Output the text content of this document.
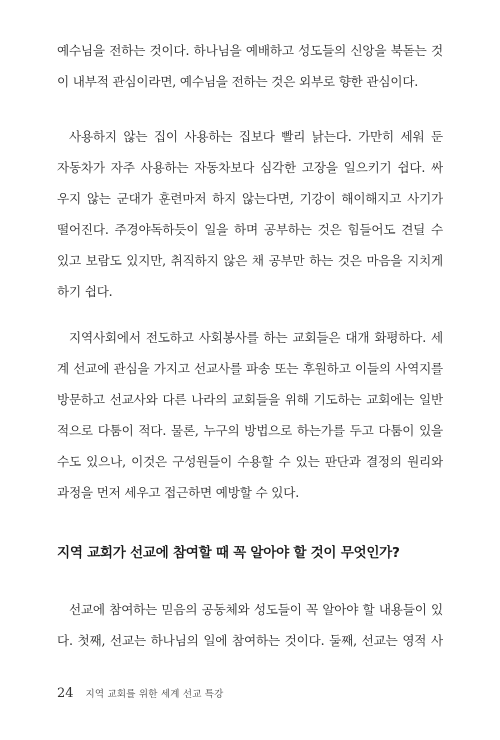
예수님을 전하는 것이다. 하나님을 예배하고 성도들의 신앙을 북돋는 것
이 내부적 관심이라면, 예수님을 전하는 것은 외부로 향한 관심이다.
사용하지 않는 집이 사용하는 집보다 빨리 낡는다. 가만히 세워 둔
자동차가 자주 사용하는 자동차보다 심각한 고장을 일으키기 쉽다. 싸
우지 않는 군대가 훈련마저 하지 않는다면, 기강이 해이해지고 사기가
떨어진다. 주경야독하듯이 일을 하며 공부하는 것은 힘들어도 견딜 수
있고 보람도 있지만, 취직하지 않은 채 공부만 하는 것은 마음을 지치게
하기 쉽다.
지역사회에서 전도하고 사회봉사를 하는 교회들은 대개 화평하다. 세
계 선교에 관심을 가지고 선교사를 파송 또는 후원하고 이들의 사역지를
방문하고 선교사와 다른 나라의 교회들을 위해 기도하는 교회에는 일반
적으로 다툼이 적다. 물론, 누구의 방법으로 하는가를 두고 다툼이 있을
수도 있으나, 이것은 구성원들이 수용할 수 있는 판단과 결정의 원리와
과정을 먼저 세우고 접근하면 예방할 수 있다.
지역 교회가 선교에 참여할 때 꼭 알아야 할 것이 무엇인가?
선교에 참여하는 믿음의 공동체와 성도들이 꼭 알아야 할 내용들이 있
다. 첫째, 선교는 하나님의 일에 참여하는 것이다. 둘째, 선교는 영적 사
24 지역 교회를 위한 세계 선교 특강
